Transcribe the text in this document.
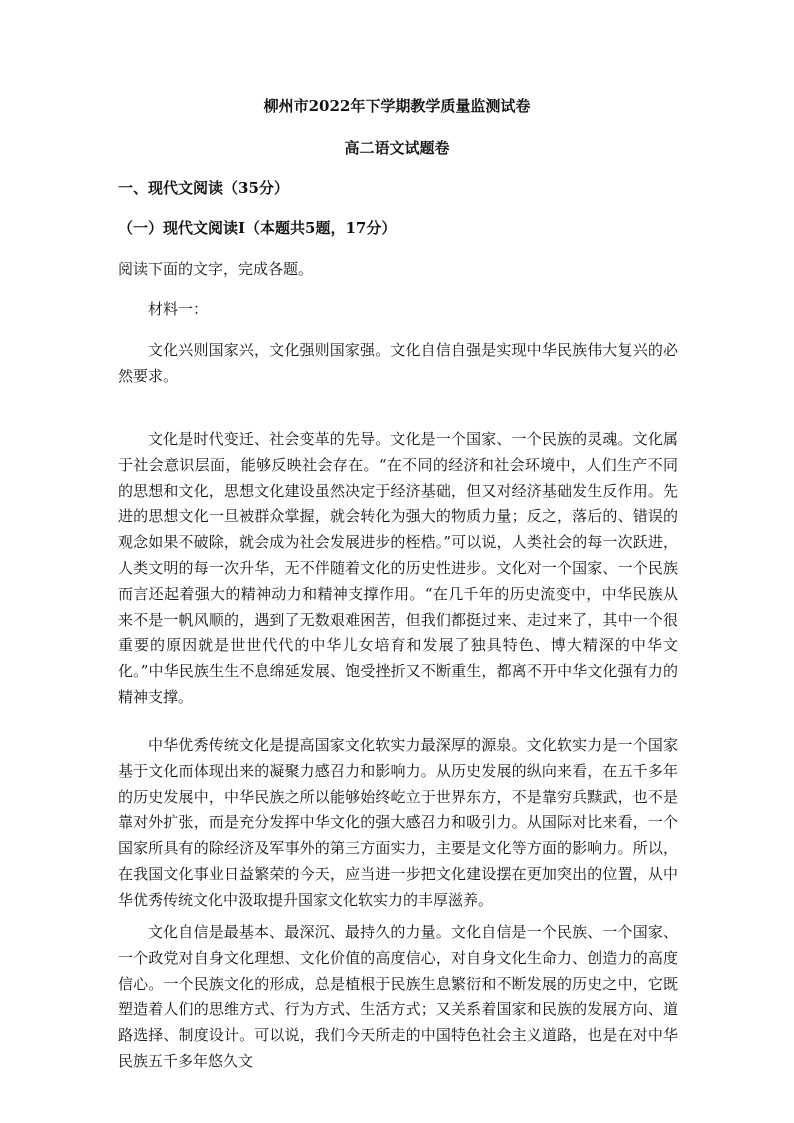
柳州市2022年下学期教学质量监测试卷

高二语文试题卷

一、现代文阅读（35分）

（一）现代文阅读Ⅰ（本题共5题，17分）

阅读下面的文字，完成各题。

材料一：

文化兴则国家兴，文化强则国家强。文化自信自强是实现中华民族伟大复兴的必然要求。

文化是时代变迁、社会变革的先导。文化是一个国家、一个民族的灵魂。文化属于社会意识层面，能够反映社会存在。“在不同的经济和社会环境中，人们生产不同的思想和文化，思想文化建设虽然决定于经济基础，但又对经济基础发生反作用。先进的思想文化一旦被群众掌握，就会转化为强大的物质力量；反之，落后的、错误的观念如果不破除，就会成为社会发展进步的桎梏。”可以说，人类社会的每一次跃进，人类文明的每一次升华，无不伴随着文化的历史性进步。文化对一个国家、一个民族而言还起着强大的精神动力和精神支撑作用。“在几千年的历史流变中，中华民族从来不是一帆风顺的，遇到了无数艰难困苦，但我们都挺过来、走过来了，其中一个很重要的原因就是世世代代的中华儿女培育和发展了独具特色、博大精深的中华文化。”中华民族生生不息绵延发展、饱受挫折又不断重生，都离不开中华文化强有力的精神支撑。

中华优秀传统文化是提高国家文化软实力最深厚的源泉。文化软实力是一个国家基于文化而体现出来的凝聚力感召力和影响力。从历史发展的纵向来看，在五千多年的历史发展中，中华民族之所以能够始终屹立于世界东方，不是靠穷兵黩武，也不是靠对外扩张，而是充分发挥中华文化的强大感召力和吸引力。从国际对比来看，一个国家所具有的除经济及军事外的第三方面实力，主要是文化等方面的影响力。所以，在我国文化事业日益繁荣的今天，应当进一步把文化建设摆在更加突出的位置，从中华优秀传统文化中汲取提升国家文化软实力的丰厚滋养。

文化自信是最基本、最深沉、最持久的力量。文化自信是一个民族、一个国家、一个政党对自身文化理想、文化价值的高度信心，对自身文化生命力、创造力的高度信心。一个民族文化的形成，总是植根于民族生息繁衍和不断发展的历史之中，它既塑造着人们的思维方式、行为方式、生活方式；又关系着国家和民族的发展方向、道路选择、制度设计。可以说，我们今天所走的中国特色社会主义道路，也是在对中华民族五千多年悠久文
